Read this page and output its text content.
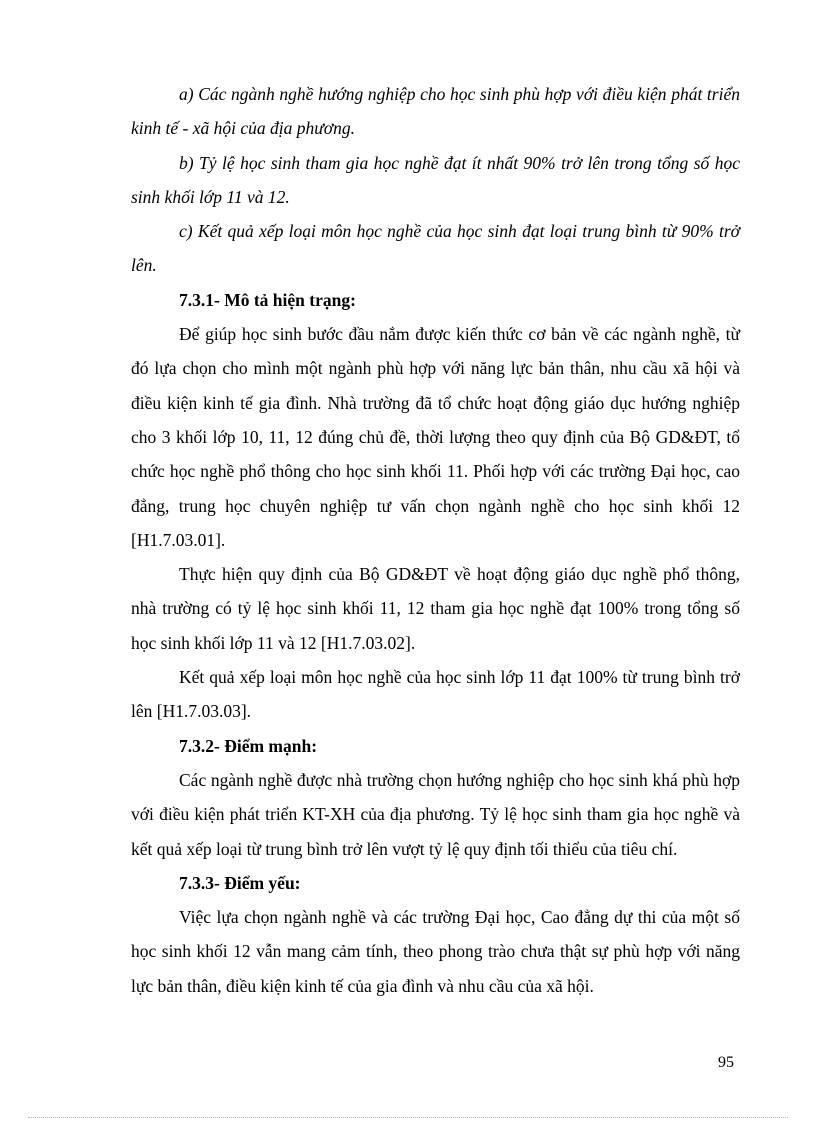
a) Các ngành nghề hướng nghiệp cho học sinh phù hợp với điều kiện phát triển kinh tế - xã hội của địa phương.

b) Tỷ lệ học sinh tham gia học nghề đạt ít nhất 90% trở lên trong tổng số học sinh khối lớp 11 và 12.

c) Kết quả xếp loại môn học nghề của học sinh đạt loại trung bình từ 90% trở lên.

7.3.1- Mô tả hiện trạng:

Để giúp học sinh bước đầu nắm được kiến thức cơ bản về các ngành nghề, từ đó lựa chọn cho mình một ngành phù hợp với năng lực bản thân, nhu cầu xã hội và điều kiện kinh tế gia đình. Nhà trường đã tổ chức hoạt động giáo dục hướng nghiệp cho 3 khối lớp 10, 11, 12 đúng chủ đề, thời lượng theo quy định của Bộ GD&ĐT, tổ chức học nghề phổ thông cho học sinh khối 11. Phối hợp với các trường Đại học, cao đẳng, trung học chuyên nghiệp tư vấn chọn ngành nghề cho học sinh khối 12 [H1.7.03.01].

Thực hiện quy định của Bộ GD&ĐT về hoạt động giáo dục nghề phổ thông, nhà trường có tỷ lệ học sinh khối 11, 12 tham gia học nghề đạt 100% trong tổng số học sinh khối lớp 11 và 12 [H1.7.03.02].

Kết quả xếp loại môn học nghề của học sinh lớp 11 đạt 100% từ trung bình trở lên [H1.7.03.03].

7.3.2- Điểm mạnh:

Các ngành nghề được nhà trường chọn hướng nghiệp cho học sinh khá phù hợp với điều kiện phát triển KT-XH của địa phương. Tỷ lệ học sinh tham gia học nghề và kết quả xếp loại từ trung bình trở lên vượt tỷ lệ quy định tối thiểu của tiêu chí.

7.3.3- Điểm yếu:

Việc lựa chọn ngành nghề và các trường Đại học, Cao đẳng dự thi của một số học sinh khối 12 vẫn mang cảm tính, theo phong trào chưa thật sự phù hợp với năng lực bản thân, điều kiện kinh tế của gia đình và nhu cầu của xã hội.

95
